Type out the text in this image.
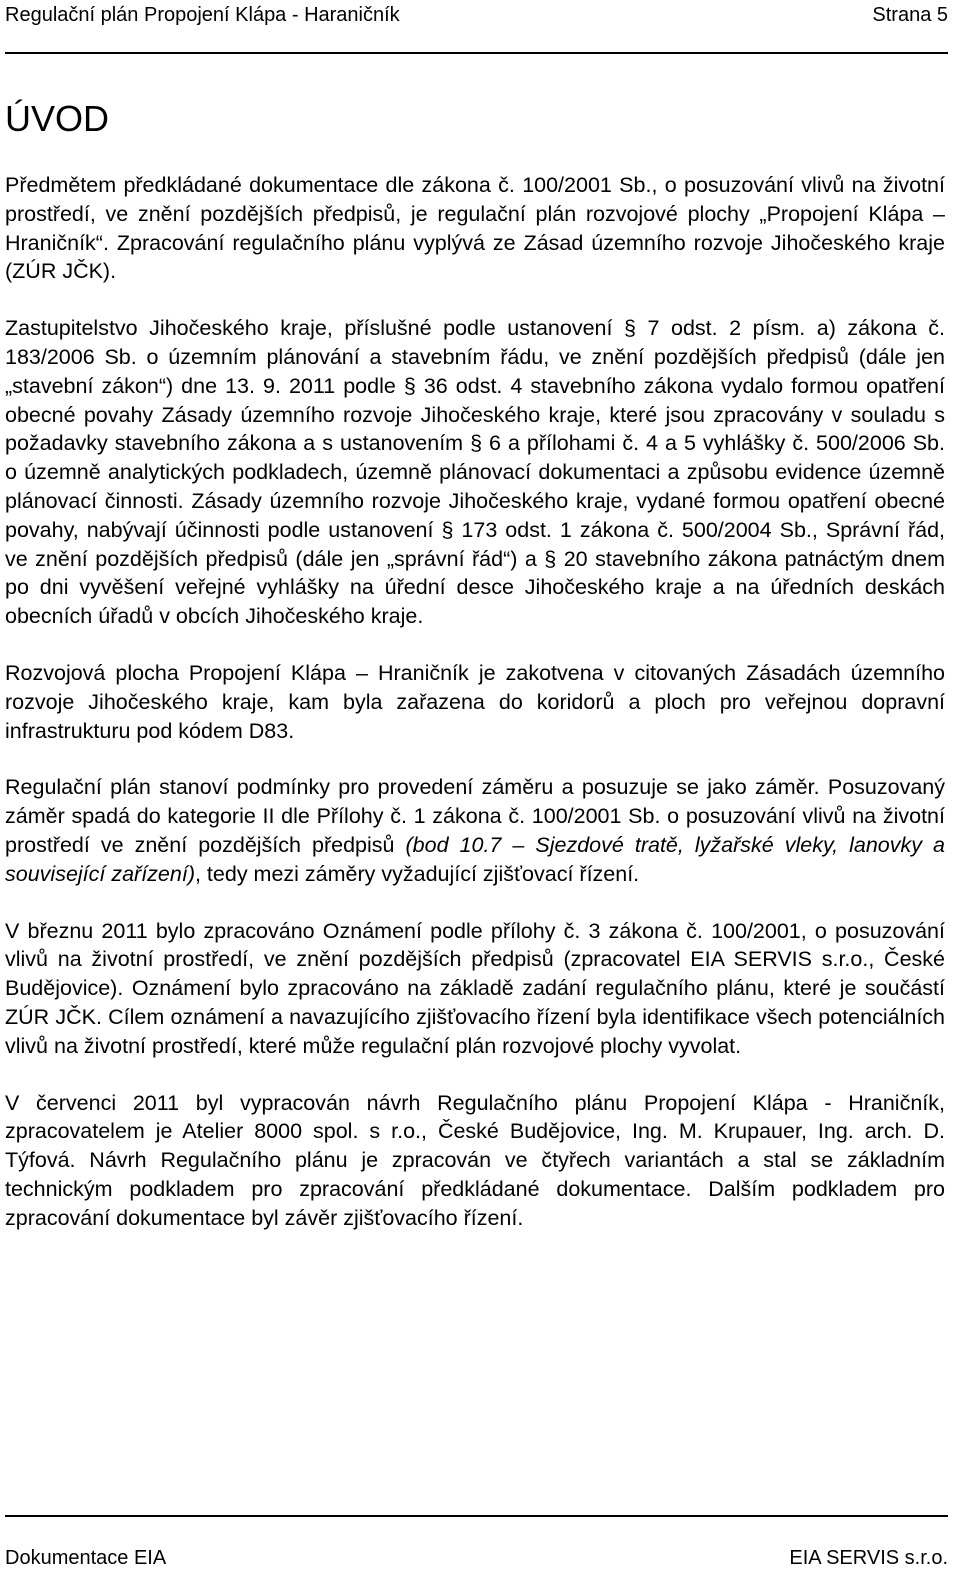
Regulační plán Propojení Klápa - Haraničník	Strana 5
ÚVOD

Předmětem předkládané dokumentace dle zákona č. 100/2001 Sb., o posuzování vlivů na životní prostředí, ve znění pozdějších předpisů, je regulační plán rozvojové plochy „Propojení Klápa – Hraničník“. Zpracování regulačního plánu vyplývá ze Zásad územního rozvoje Jihočeského kraje (ZÚR JČK).

Zastupitelstvo Jihočeského kraje, příslušné podle ustanovení § 7 odst. 2 písm. a) zákona č. 183/2006 Sb. o územním plánování a stavebním řádu, ve znění pozdějších předpisů (dále jen „stavební zákon“) dne 13. 9. 2011 podle § 36 odst. 4 stavebního zákona vydalo formou opatření obecné povahy Zásady územního rozvoje Jihočeského kraje, které jsou zpracovány v souladu s požadavky stavebního zákona a s ustanovením § 6 a přílohami č. 4 a 5 vyhlášky č. 500/2006 Sb. o územně analytických podkladech, územně plánovací dokumentaci a způsobu evidence územně plánovací činnosti. Zásady územního rozvoje Jihočeského kraje, vydané formou opatření obecné povahy, nabývají účinnosti podle ustanovení § 173 odst. 1 zákona č. 500/2004 Sb., Správní řád, ve znění pozdějších předpisů (dále jen „správní řád“) a § 20 stavebního zákona patnáctým dnem po dni vyvěšení veřejné vyhlášky na úřední desce Jihočeského kraje a na úředních deskách obecních úřadů v obcích Jihočeského kraje.

Rozvojová plocha Propojení Klápa – Hraničník je zakotvena v citovaných Zásadách územního rozvoje Jihočeského kraje, kam byla zařazena do koridorů a ploch pro veřejnou dopravní infrastrukturu pod kódem D83.

Regulační plán stanoví podmínky pro provedení záměru a posuzuje se jako záměr. Posuzovaný záměr spadá do kategorie II dle Přílohy č. 1 zákona č. 100/2001 Sb. o posuzování vlivů na životní prostředí ve znění pozdějších předpisů (bod 10.7 – Sjezdové tratě, lyžařské vleky, lanovky a související zařízení), tedy mezi záměry vyžadující zjišťovací řízení.

V březnu 2011 bylo zpracováno Oznámení podle přílohy č. 3 zákona č. 100/2001, o posuzování vlivů na životní prostředí, ve znění pozdějších předpisů (zpracovatel EIA SERVIS s.r.o., České Budějovice). Oznámení bylo zpracováno na základě zadání regulačního plánu, které je součástí ZÚR JČK. Cílem oznámení a navazujícího zjišťovacího řízení byla identifikace všech potenciálních vlivů na životní prostředí, které může regulační plán rozvojové plochy vyvolat.

V červenci 2011 byl vypracován návrh Regulačního plánu Propojení Klápa - Hraničník, zpracovatelem je Atelier 8000 spol. s r.o., České Budějovice, Ing. M. Krupauer, Ing. arch. D. Týfová. Návrh Regulačního plánu je zpracován ve čtyřech variantách a stal se základním technickým podkladem pro zpracování předkládané dokumentace. Dalším podkladem pro zpracování dokumentace byl závěr zjišťovacího řízení.

Dokumentace EIA	EIA SERVIS s.r.o.
